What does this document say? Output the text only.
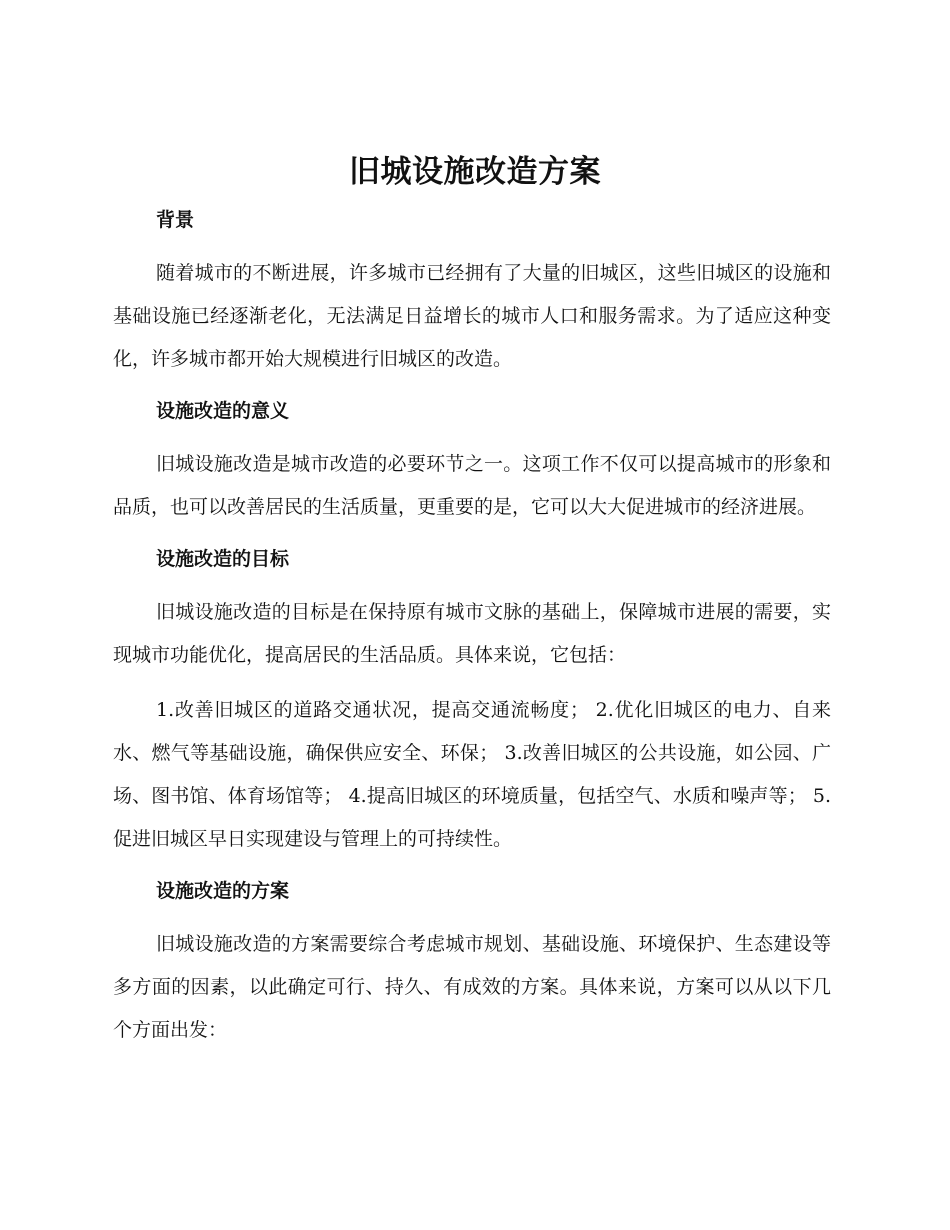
旧城设施改造方案
背景

随着城市的不断进展，许多城市已经拥有了大量的旧城区，这些旧城区的设施和基础设施已经逐渐老化，无法满足日益增长的城市人口和服务需求。为了适应这种变化，许多城市都开始大规模进行旧城区的改造。

设施改造的意义

旧城设施改造是城市改造的必要环节之一。这项工作不仅可以提高城市的形象和品质，也可以改善居民的生活质量，更重要的是，它可以大大促进城市的经济进展。

设施改造的目标

旧城设施改造的目标是在保持原有城市文脉的基础上，保障城市进展的需要，实现城市功能优化，提高居民的生活品质。具体来说，它包括：

1.改善旧城区的道路交通状况，提高交通流畅度； 2.优化旧城区的电力、自来水、燃气等基础设施，确保供应安全、环保； 3.改善旧城区的公共设施，如公园、广场、图书馆、体育场馆等； 4.提高旧城区的环境质量，包括空气、水质和噪声等； 5.促进旧城区早日实现建设与管理上的可持续性。

设施改造的方案

旧城设施改造的方案需要综合考虑城市规划、基础设施、环境保护、生态建设等多方面的因素，以此确定可行、持久、有成效的方案。具体来说，方案可以从以下几个方面出发：
